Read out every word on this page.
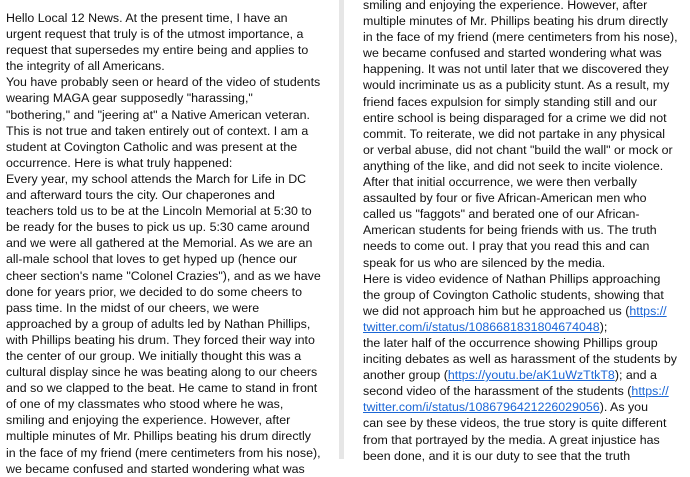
Hello Local 12 News. At the present time, I have an
urgent request that truly is of the utmost importance, a
request that supersedes my entire being and applies to
the integrity of all Americans.
You have probably seen or heard of the video of students
wearing MAGA gear supposedly "harassing,"
"bothering," and "jeering at" a Native American veteran.
This is not true and taken entirely out of context. I am a
student at Covington Catholic and was present at the
occurrence. Here is what truly happened:
Every year, my school attends the March for Life in DC
and afterward tours the city. Our chaperones and
teachers told us to be at the Lincoln Memorial at 5:30 to
be ready for the buses to pick us up. 5:30 came around
and we were all gathered at the Memorial. As we are an
all-male school that loves to get hyped up (hence our
cheer section's name "Colonel Crazies"), and as we have
done for years prior, we decided to do some cheers to
pass time. In the midst of our cheers, we were
approached by a group of adults led by Nathan Phillips,
with Phillips beating his drum. They forced their way into
the center of our group. We initially thought this was a
cultural display since he was beating along to our cheers
and so we clapped to the beat. He came to stand in front
of one of my classmates who stood where he was,
smiling and enjoying the experience. However, after
multiple minutes of Mr. Phillips beating his drum directly
in the face of my friend (mere centimeters from his nose),
we became confused and started wondering what was
smiling and enjoying the experience. However, after
multiple minutes of Mr. Phillips beating his drum directly
in the face of my friend (mere centimeters from his nose),
we became confused and started wondering what was
happening. It was not until later that we discovered they
would incriminate us as a publicity stunt. As a result, my
friend faces expulsion for simply standing still and our
entire school is being disparaged for a crime we did not
commit. To reiterate, we did not partake in any physical
or verbal abuse, did not chant "build the wall" or mock or
anything of the like, and did not seek to incite violence.
After that initial occurrence, we were then verbally
assaulted by four or five African-American men who
called us "faggots" and berated one of our African-
American students for being friends with us. The truth
needs to come out. I pray that you read this and can
speak for us who are silenced by the media.
Here is video evidence of Nathan Phillips approaching
the group of Covington Catholic students, showing that
we did not approach him but he approached us (https://
twitter.com/i/status/1086681831804674048);
the later half of the occurrence showing Phillips group
inciting debates as well as harassment of the students by
another group (https://youtu.be/aK1uWzTtkT8); and a
second video of the harassment of the students (https://
twitter.com/i/status/1086796421226029056). As you
can see by these videos, the true story is quite different
from that portrayed by the media. A great injustice has
been done, and it is our duty to see that the truth
